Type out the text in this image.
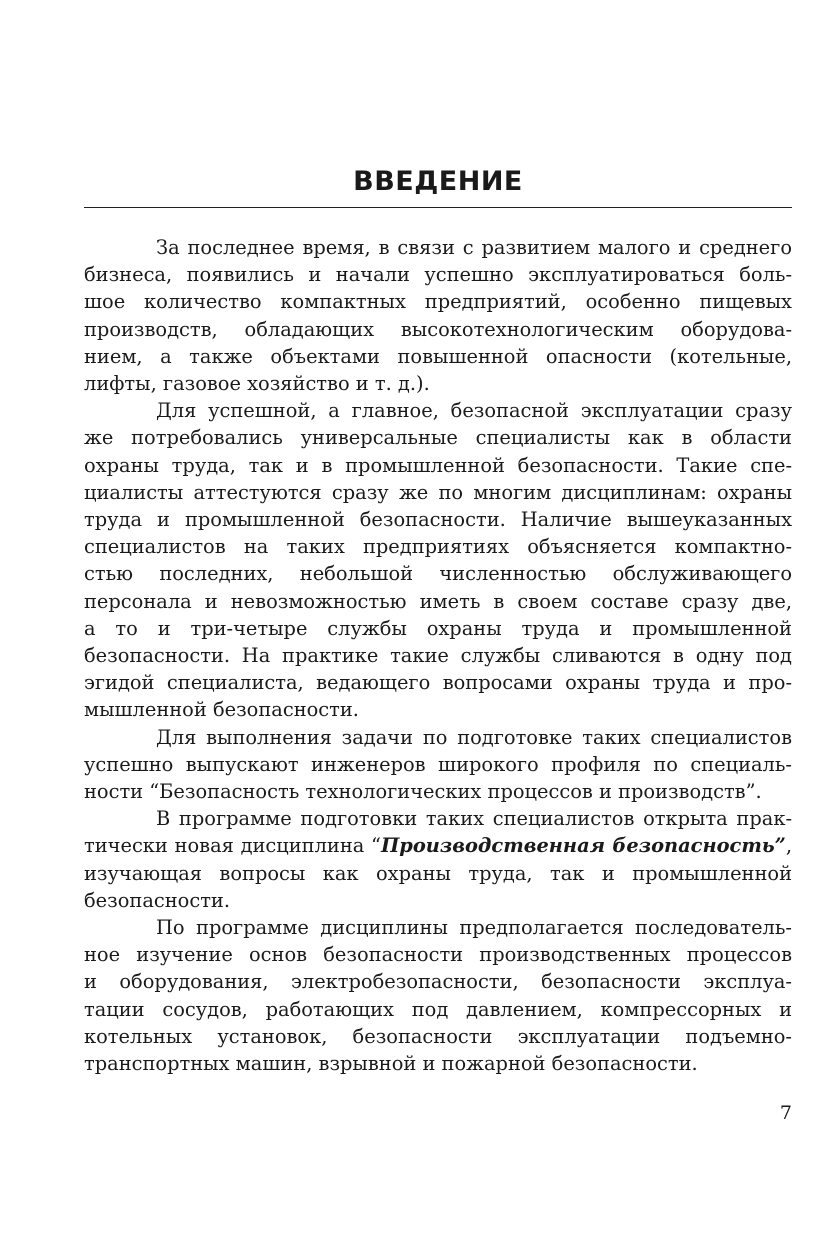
ВВЕДЕНИЕ

За последнее время, в связи с развитием малого и среднего
бизнеса, появились и начали успешно эксплуатироваться боль-
шое количество компактных предприятий, особенно пищевых
производств, обладающих высокотехнологическим оборудова-
нием, а также объектами повышенной опасности (котельные,
лифты, газовое хозяйство и т. д.).

Для успешной, а главное, безопасной эксплуатации сразу
же потребовались универсальные специалисты как в области
охраны труда, так и в промышленной безопасности. Такие спе-
циалисты аттестуются сразу же по многим дисциплинам: охраны
труда и промышленной безопасности. Наличие вышеуказанных
специалистов на таких предприятиях объясняется компактно-
стью последних, небольшой численностью обслуживающего
персонала и невозможностью иметь в своем составе сразу две,
а то и три-четыре службы охраны труда и промышленной
безопасности. На практике такие службы сливаются в одну под
эгидой специалиста, ведающего вопросами охраны труда и про-
мышленной безопасности.

Для выполнения задачи по подготовке таких специалистов
успешно выпускают инженеров широкого профиля по специаль-
ности “Безопасность технологических процессов и производств”.

В программе подготовки таких специалистов открыта прак-
тически новая дисциплина “Производственная безопасность”,
изучающая вопросы как охраны труда, так и промышленной
безопасности.

По программе дисциплины предполагается последователь-
ное изучение основ безопасности производственных процессов
и оборудования, электробезопасности, безопасности эксплуа-
тации сосудов, работающих под давлением, компрессорных и
котельных установок, безопасности эксплуатации подъемно-
транспортных машин, взрывной и пожарной безопасности.

7
